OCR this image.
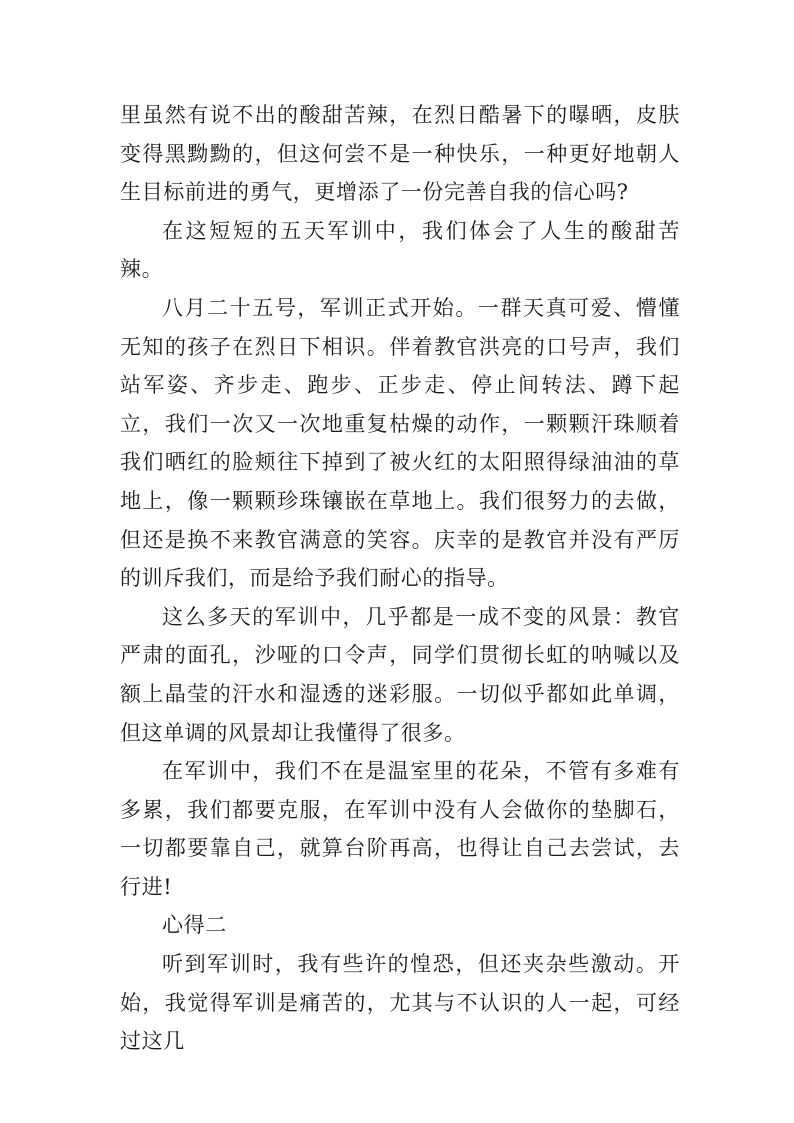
里虽然有说不出的酸甜苦辣，在烈日酷暑下的曝晒，皮肤变得黑黝黝的，但这何尝不是一种快乐，一种更好地朝人生目标前进的勇气，更增添了一份完善自我的信心吗?

在这短短的五天军训中，我们体会了人生的酸甜苦辣。

八月二十五号，军训正式开始。一群天真可爱、懵懂无知的孩子在烈日下相识。伴着教官洪亮的口号声，我们站军姿、齐步走、跑步、正步走、停止间转法、蹲下起立，我们一次又一次地重复枯燥的动作，一颗颗汗珠顺着我们晒红的脸颊往下掉到了被火红的太阳照得绿油油的草地上，像一颗颗珍珠镶嵌在草地上。我们很努力的去做，但还是换不来教官满意的笑容。庆幸的是教官并没有严厉的训斥我们，而是给予我们耐心的指导。

这么多天的军训中，几乎都是一成不变的风景：教官严肃的面孔，沙哑的口令声，同学们贯彻长虹的呐喊以及额上晶莹的汗水和湿透的迷彩服。一切似乎都如此单调，但这单调的风景却让我懂得了很多。

在军训中，我们不在是温室里的花朵，不管有多难有多累，我们都要克服，在军训中没有人会做你的垫脚石，一切都要靠自己，就算台阶再高，也得让自己去尝试，去行进!

心得二

听到军训时，我有些许的惶恐，但还夹杂些激动。开始，我觉得军训是痛苦的，尤其与不认识的人一起，可经过这几
